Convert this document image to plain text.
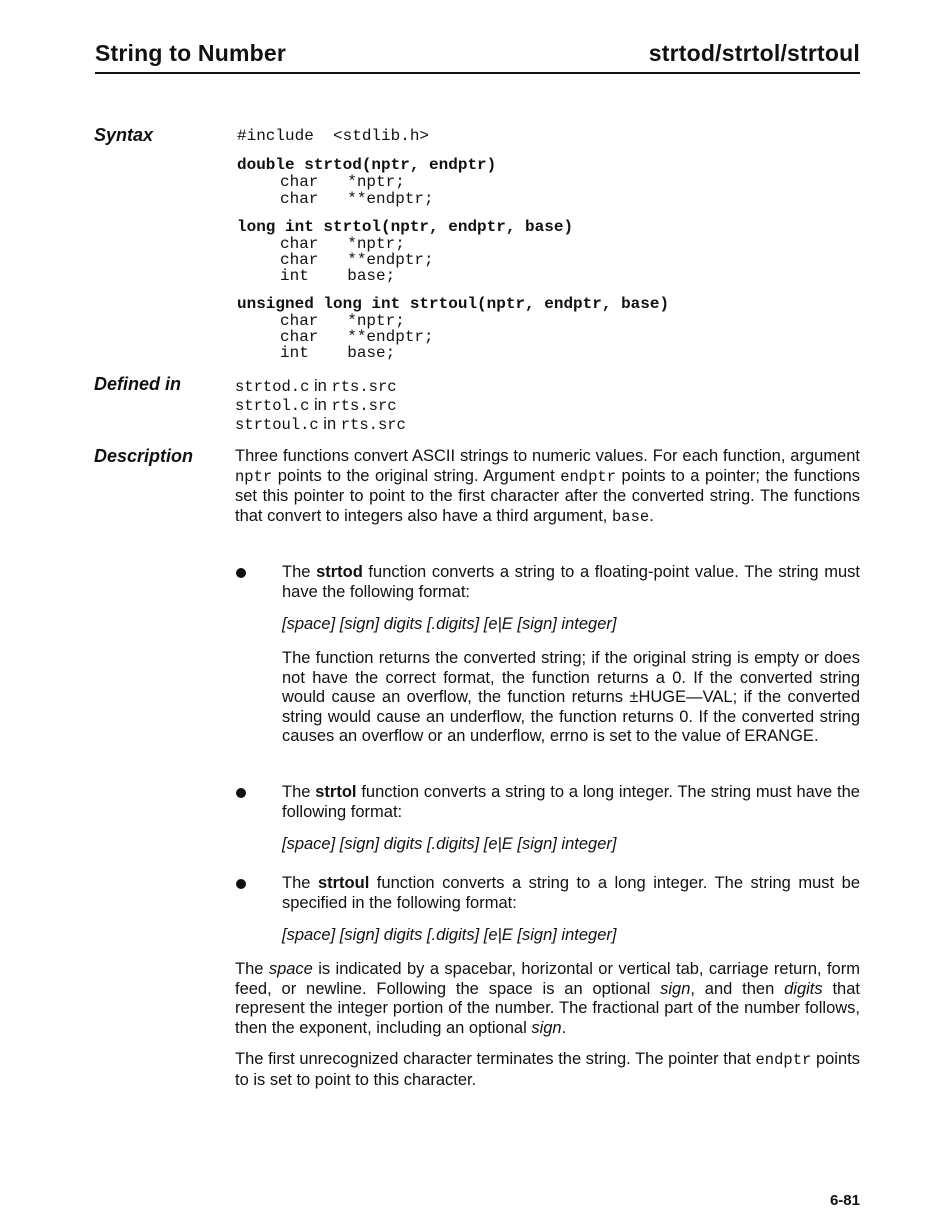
String to Number	strtod/strtol/strtoul
Syntax	#include  <stdlib.h>
double strtod(nptr, endptr)
char   *nptr;
char   **endptr;
long int strtol(nptr, endptr, base)
char   *nptr;
char   **endptr;
int    base;
unsigned long int strtoul(nptr, endptr, base)
char   *nptr;
char   **endptr;
int    base;
Defined in	strtod.c in rts.src
strtol.c in rts.src
strtoul.c in rts.src
Description	Three functions convert ASCII strings to numeric values. For each function, argument nptr points to the original string. Argument endptr points to a pointer; the functions set this pointer to point to the first character after the converted string. The functions that convert to integers also have a third argument, base.
The strtod function converts a string to a floating-point value. The string must have the following format:
[space] [sign] digits [.digits] [e|E [sign] integer]
The function returns the converted string; if the original string is empty or does not have the correct format, the function returns a 0. If the converted string would cause an overflow, the function returns ±HUGE—VAL; if the converted string would cause an underflow, the function returns 0. If the converted string causes an overflow or an underflow, errno is set to the value of ERANGE.
The strtol function converts a string to a long integer. The string must have the following format:
[space] [sign] digits [.digits] [e|E [sign] integer]
The strtoul function converts a string to a long integer. The string must be specified in the following format:
[space] [sign] digits [.digits] [e|E [sign] integer]
The space is indicated by a spacebar, horizontal or vertical tab, carriage return, form feed, or newline. Following the space is an optional sign, and then digits that represent the integer portion of the number. The fractional part of the number follows, then the exponent, including an optional sign.
The first unrecognized character terminates the string. The pointer that endptr points to is set to point to this character.
6-81
